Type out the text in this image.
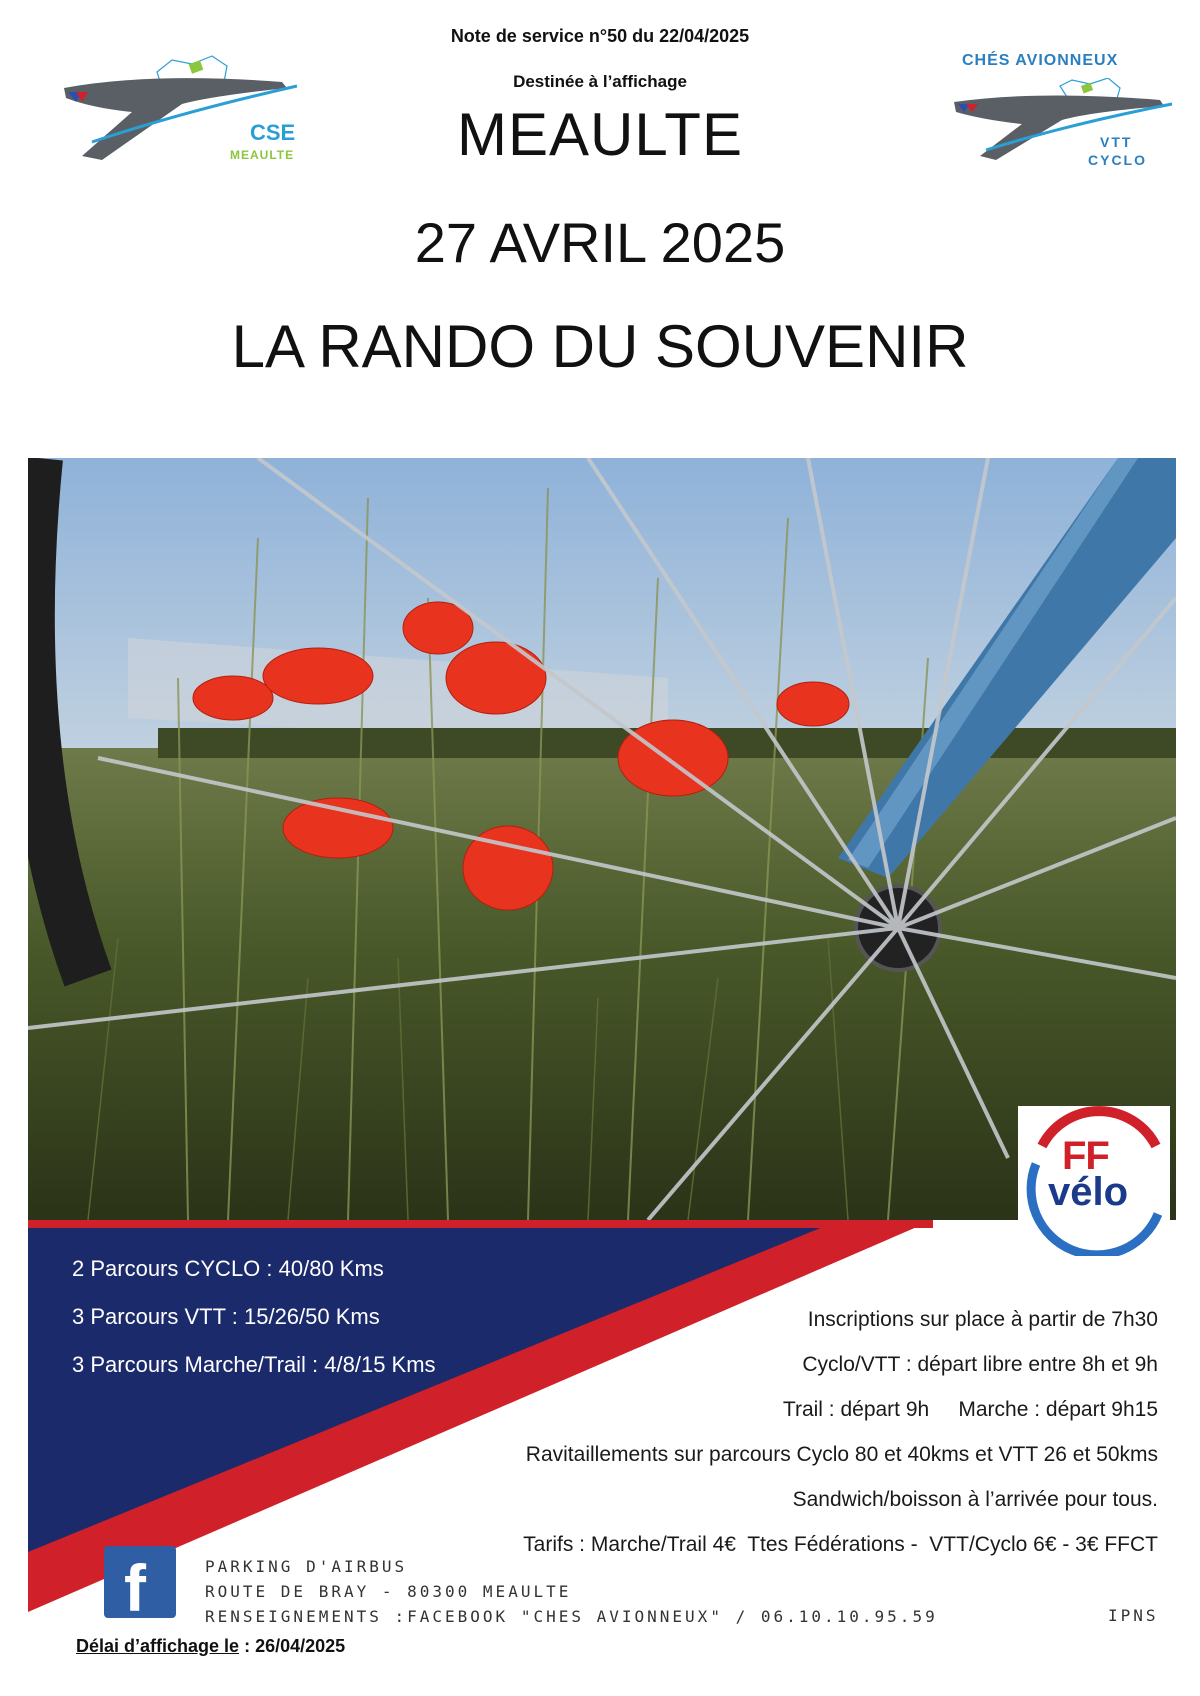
Note de service n°50 du 22/04/2025
Destinée à l’affichage
MEAULTE
27 AVRIL 2025
LA RANDO DU SOUVENIR
CSE
MEAULTE
CHÉS AVIONNEUX
VTT
CYCLO
FF
vélo
2 Parcours CYCLO : 40/80 Kms
3 Parcours VTT : 15/26/50 Kms
3 Parcours Marche/Trail : 4/8/15 Kms
Inscriptions sur place à partir de 7h30
Cyclo/VTT : départ libre entre 8h et 9h
Trail : départ 9h     Marche : départ 9h15
Ravitaillements sur parcours Cyclo 80 et 40kms et VTT 26 et 50kms
Sandwich/boisson à l’arrivée pour tous.
Tarifs : Marche/Trail 4€  Ttes Fédérations -  VTT/Cyclo 6€ - 3€ FFCT
f	PARKING D'AIRBUS
ROUTE DE BRAY - 80300 MEAULTE
RENSEIGNEMENTS :FACEBOOK "CHES AVIONNEUX" / 06.10.10.95.59	IPNS
Délai d’affichage le : 26/04/2025
